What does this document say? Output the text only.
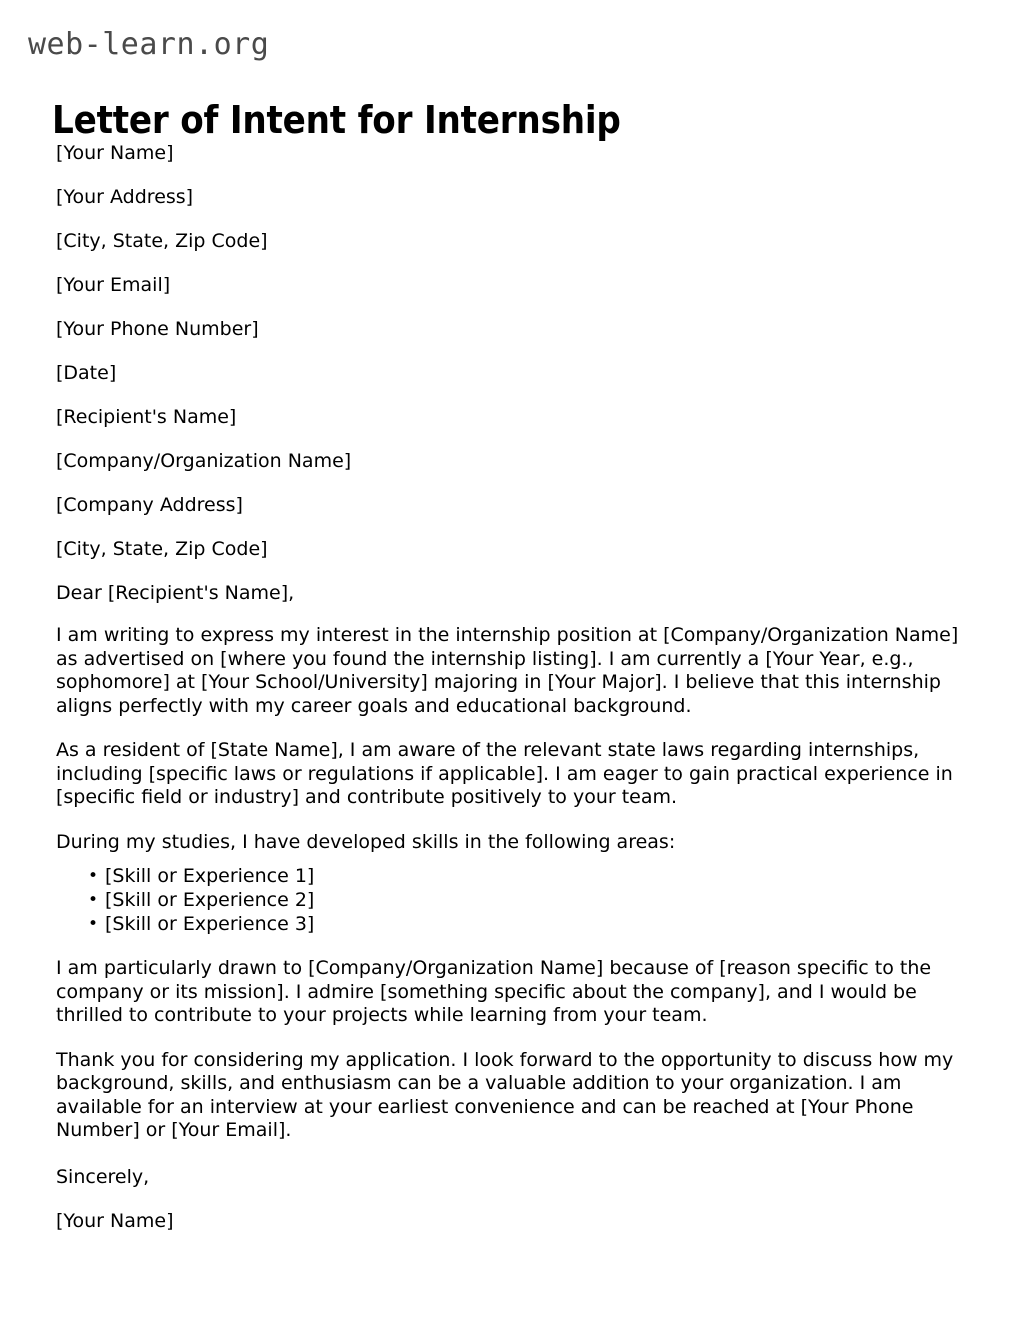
web-learn.org
Letter of Intent for Internship

[Your Name]

[Your Address]

[City, State, Zip Code]

[Your Email]

[Your Phone Number]

[Date]

[Recipient's Name]

[Company/Organization Name]

[Company Address]

[City, State, Zip Code]

Dear [Recipient's Name],

I am writing to express my interest in the internship position at [Company/Organization Name] as advertised on [where you found the internship listing]. I am currently a [Your Year, e.g., sophomore] at [Your School/University] majoring in [Your Major]. I believe that this internship aligns perfectly with my career goals and educational background.

As a resident of [State Name], I am aware of the relevant state laws regarding internships, including [specific laws or regulations if applicable]. I am eager to gain practical experience in [specific field or industry] and contribute positively to your team.

During my studies, I have developed skills in the following areas:

• [Skill or Experience 1]
• [Skill or Experience 2]
• [Skill or Experience 3]

I am particularly drawn to [Company/Organization Name] because of [reason specific to the company or its mission]. I admire [something specific about the company], and I would be thrilled to contribute to your projects while learning from your team.

Thank you for considering my application. I look forward to the opportunity to discuss how my background, skills, and enthusiasm can be a valuable addition to your organization. I am available for an interview at your earliest convenience and can be reached at [Your Phone Number] or [Your Email].

Sincerely,

[Your Name]
